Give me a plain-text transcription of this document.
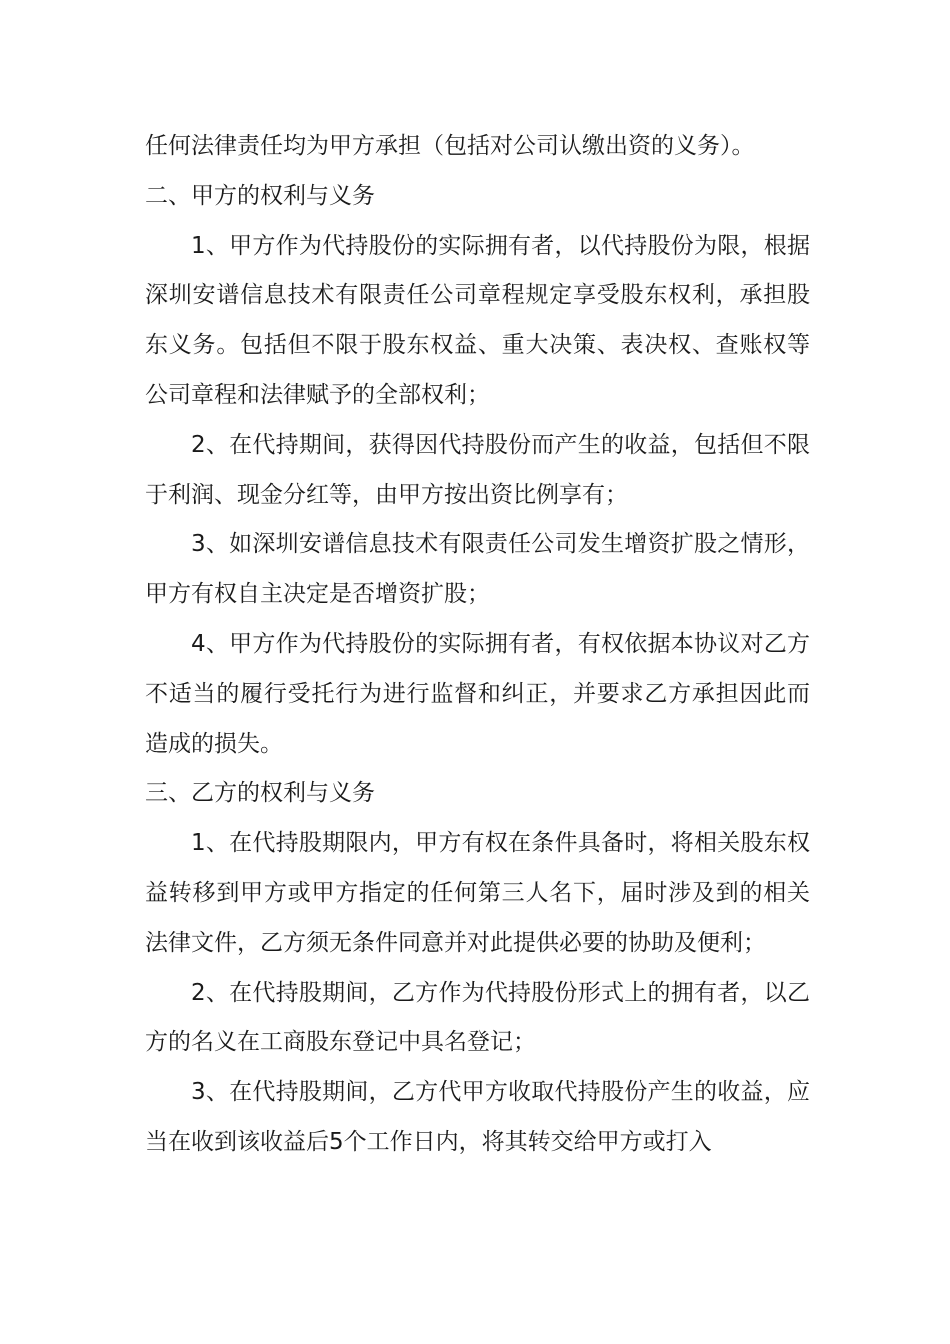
任何法律责任均为甲方承担（包括对公司认缴出资的义务）。

二、甲方的权利与义务

1、甲方作为代持股份的实际拥有者，以代持股份为限，根据深圳安谱信息技术有限责任公司章程规定享受股东权利，承担股东义务。包括但不限于股东权益、重大决策、表决权、查账权等公司章程和法律赋予的全部权利；

2、在代持期间，获得因代持股份而产生的收益，包括但不限于利润、现金分红等，由甲方按出资比例享有；

3、如深圳安谱信息技术有限责任公司发生增资扩股之情形，甲方有权自主决定是否增资扩股；

4、甲方作为代持股份的实际拥有者，有权依据本协议对乙方不适当的履行受托行为进行监督和纠正，并要求乙方承担因此而造成的损失。

三、乙方的权利与义务

1、在代持股期限内，甲方有权在条件具备时，将相关股东权益转移到甲方或甲方指定的任何第三人名下，届时涉及到的相关法律文件，乙方须无条件同意并对此提供必要的协助及便利；

2、在代持股期间，乙方作为代持股份形式上的拥有者，以乙方的名义在工商股东登记中具名登记；

3、在代持股期间，乙方代甲方收取代持股份产生的收益，应当在收到该收益后5个工作日内，将其转交给甲方或打入
